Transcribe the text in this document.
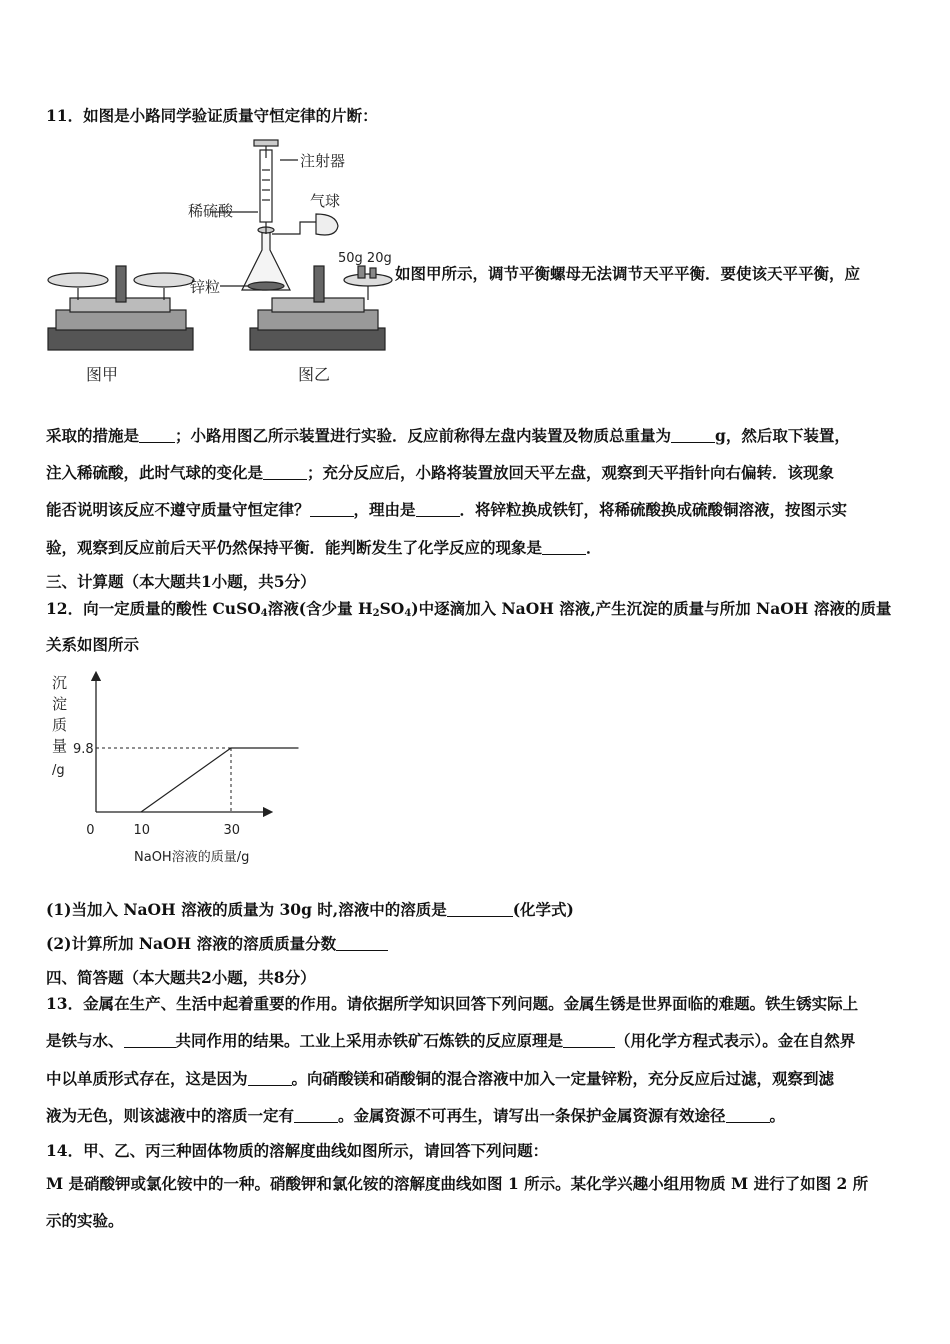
11．如图是小路同学验证质量守恒定律的片断：
注射器
气球
稀硫酸
锌粒
50g 20g
图甲	图乙
如图甲所示，调节平衡螺母无法调节天平平衡．要使该天平平衡，应
采取的措施是 ；小路用图乙所示装置进行实验．反应前称得左盘内装置及物质总重量为	g，然后取下装置，
注入稀硫酸，此时气球的变化是	；充分反应后，小路将装置放回天平左盘，观察到天平指针向右偏转．该现象
能否说明该反应不遵守质量守恒定律？	，理由是	．将锌粒换成铁钉，将稀硫酸换成硫酸铜溶液，按图示实
验，观察到反应前后天平仍然保持平衡．能判断发生了化学反应的现象是	．
三、计算题（本大题共1小题，共5分）
12．向一定质量的酸性 CuSO$_4$溶液(含少量 $H_2SO_4$)中逐滴加入 NaOH 溶液,产生沉淀的质量与所加 NaOH 溶液的质量
关系如图所示
沉
淀
质
量
/g
9.8
0	10	30
NaOH溶液的质量/g
(1)当加入 NaOH 溶液的质量为 30g 时,溶液中的溶质是	(化学式)
(2)计算所加 NaOH 溶液的溶质质量分数
四、简答题（本大题共2小题，共8分）
13．金属在生产、生活中起着重要的作用。请依据所学知识回答下列问题。金属生锈是世界面临的难题。铁生锈实际上
是铁与水、	共同作用的结果。工业上采用赤铁矿石炼铁的反应原理是	（用化学方程式表示）。金在自然界
中以单质形式存在，这是因为	。向硝酸镁和硝酸铜的混合溶液中加入一定量锌粉，充分反应后过滤，观察到滤
液为无色，则该滤液中的溶质一定有	。金属资源不可再生，请写出一条保护金属资源有效途径	。
14．甲、乙、丙三种固体物质的溶解度曲线如图所示，请回答下列问题：
M 是硝酸钾或氯化铵中的一种。硝酸钾和氯化铵的溶解度曲线如图 1 所示。某化学兴趣小组用物质 M 进行了如图 2 所
示的实验。
